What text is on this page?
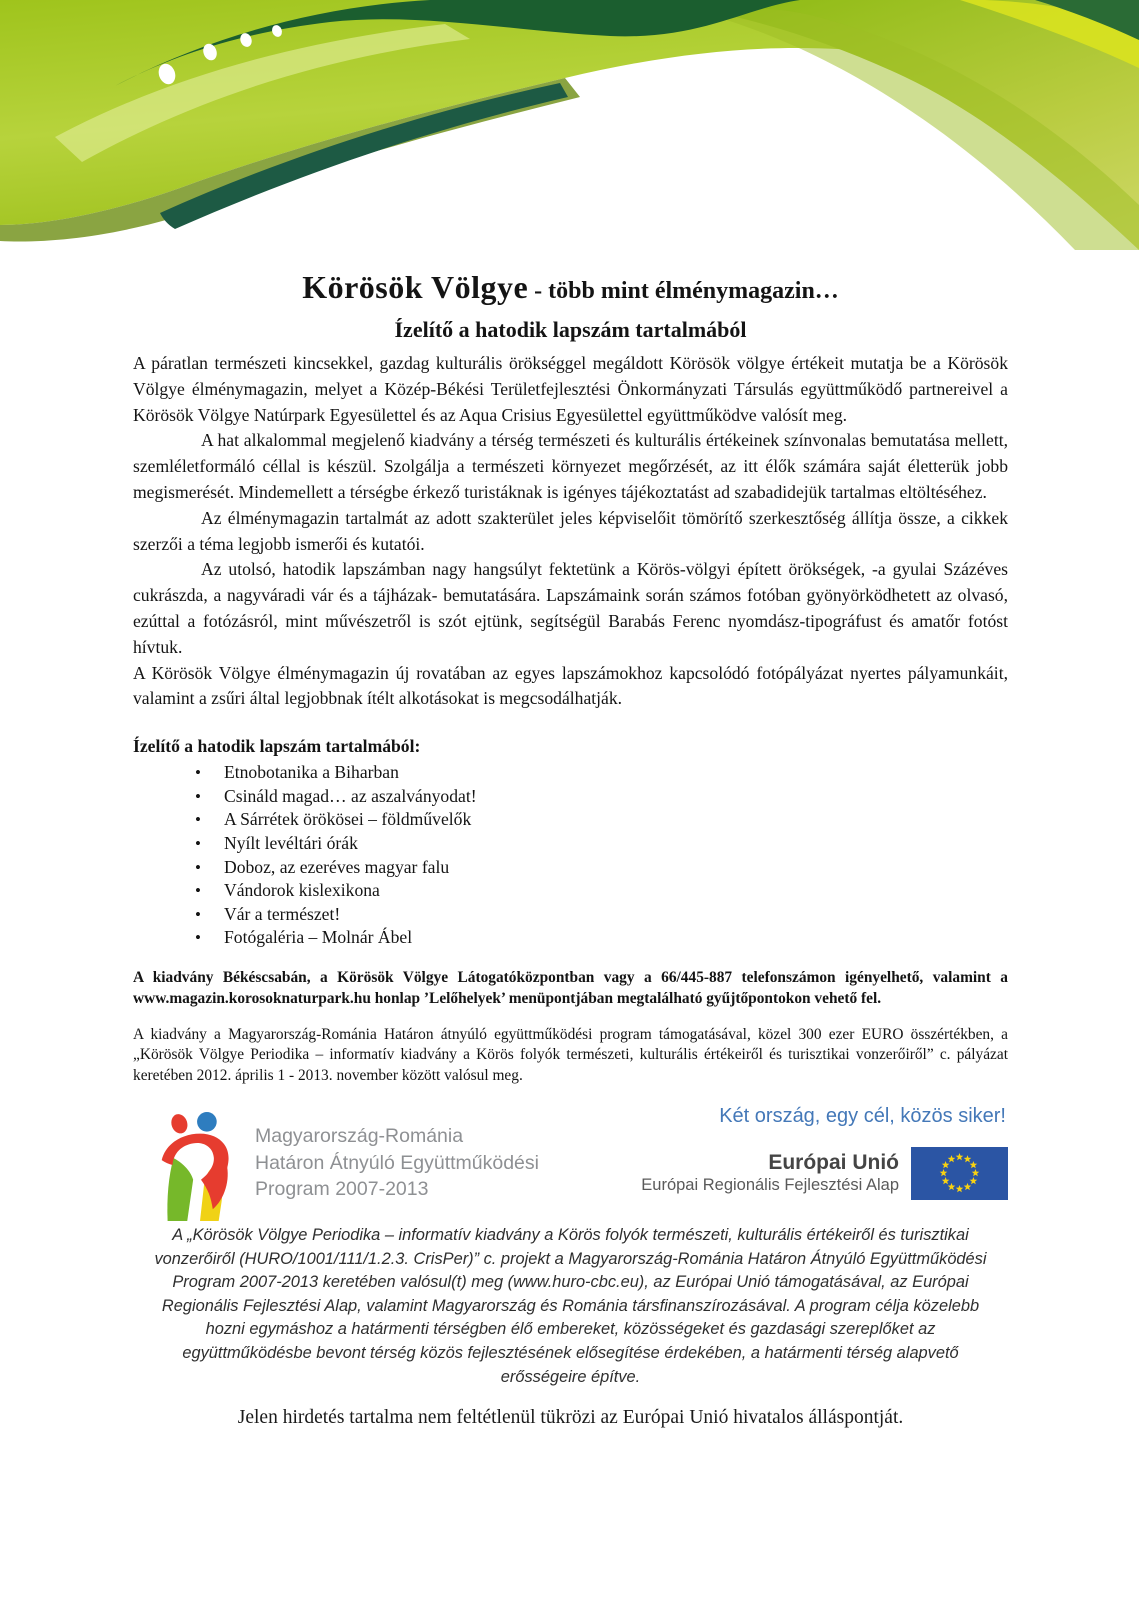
Körösök Völgye - több mint élménymagazin…
Ízelítő a hatodik lapszám tartalmából

A páratlan természeti kincsekkel, gazdag kulturális örökséggel megáldott Körösök völgye értékeit mutatja be a Körösök Völgye élménymagazin, melyet a Közép-Békési Területfejlesztési Önkormányzati Társulás együttműködő partnereivel a Körösök Völgye Natúrpark Egyesülettel és az Aqua Crisius Egyesülettel együttműködve valósít meg.

A hat alkalommal megjelenő kiadvány a térség természeti és kulturális értékeinek színvonalas bemutatása mellett, szemléletformáló céllal is készül. Szolgálja a természeti környezet megőrzését, az itt élők számára saját életterük jobb megismerését. Mindemellett a térségbe érkező turistáknak is igényes tájékoztatást ad szabadidejük tartalmas eltöltéséhez.

Az élménymagazin tartalmát az adott szakterület jeles képviselőit tömörítő szerkesztőség állítja össze, a cikkek szerzői a téma legjobb ismerői és kutatói.

Az utolsó, hatodik lapszámban nagy hangsúlyt fektetünk a Körös-völgyi épített örökségek, -a gyulai Százéves cukrászda, a nagyváradi vár és a tájházak- bemutatására. Lapszámaink során számos fotóban gyönyörködhetett az olvasó, ezúttal a fotózásról, mint művészetről is szót ejtünk, segítségül Barabás Ferenc nyomdász-tipográfust és amatőr fotóst hívtuk.

A Körösök Völgye élménymagazin új rovatában az egyes lapszámokhoz kapcsolódó fotópályázat nyertes pályamunkáit, valamint a zsűri által legjobbnak ítélt alkotásokat is megcsodálhatják.

Ízelítő a hatodik lapszám tartalmából:
• Etnobotanika a Biharban
• Csináld magad… az aszalványodat!
• A Sárrétek örökösei – földművelők
• Nyílt levéltári órák
• Doboz, az ezeréves magyar falu
• Vándorok kislexikona
• Vár a természet!
• Fotógaléria – Molnár Ábel

A kiadvány Békéscsabán, a Körösök Völgye Látogatóközpontban vagy a 66/445-887 telefonszámon igényelhető, valamint a www.magazin.korosoknaturpark.hu honlap ’Lelőhelyek’ menüpontjában megtalálható gyűjtőpontokon vehető fel.

A kiadvány a Magyarország-Románia Határon átnyúló együttműködési program támogatásával, közel 300 ezer EURO összértékben, a „Körösök Völgye Periodika – informatív kiadvány a Körös folyók természeti, kulturális értékeiről és turisztikai vonzerőiről” c. pályázat keretében 2012. április 1 - 2013. november között valósul meg.

Magyarország-Románia
Határon Átnyúló Együttműködési
Program 2007-2013
Két ország, egy cél, közös siker!
Európai Unió
Európai Regionális Fejlesztési Alap

A „Körösök Völgye Periodika – informatív kiadvány a Körös folyók természeti, kulturális értékeiről és turisztikai vonzerőiről (HURO/1001/111/1.2.3. CrisPer)” c. projekt a Magyarország-Románia Határon Átnyúló Együttműködési Program 2007-2013 keretében valósul(t) meg (www.huro-cbc.eu), az Európai Unió támogatásával, az Európai Regionális Fejlesztési Alap, valamint Magyarország és Románia társfinanszírozásával. A program célja közelebb hozni egymáshoz a határmenti térségben élő embereket, közösségeket és gazdasági szereplőket az együttműködésbe bevont térség közös fejlesztésének elősegítése érdekében, a határmenti térség alapvető erősségeire építve.

Jelen hirdetés tartalma nem feltétlenül tükrözi az Európai Unió hivatalos álláspontját.
